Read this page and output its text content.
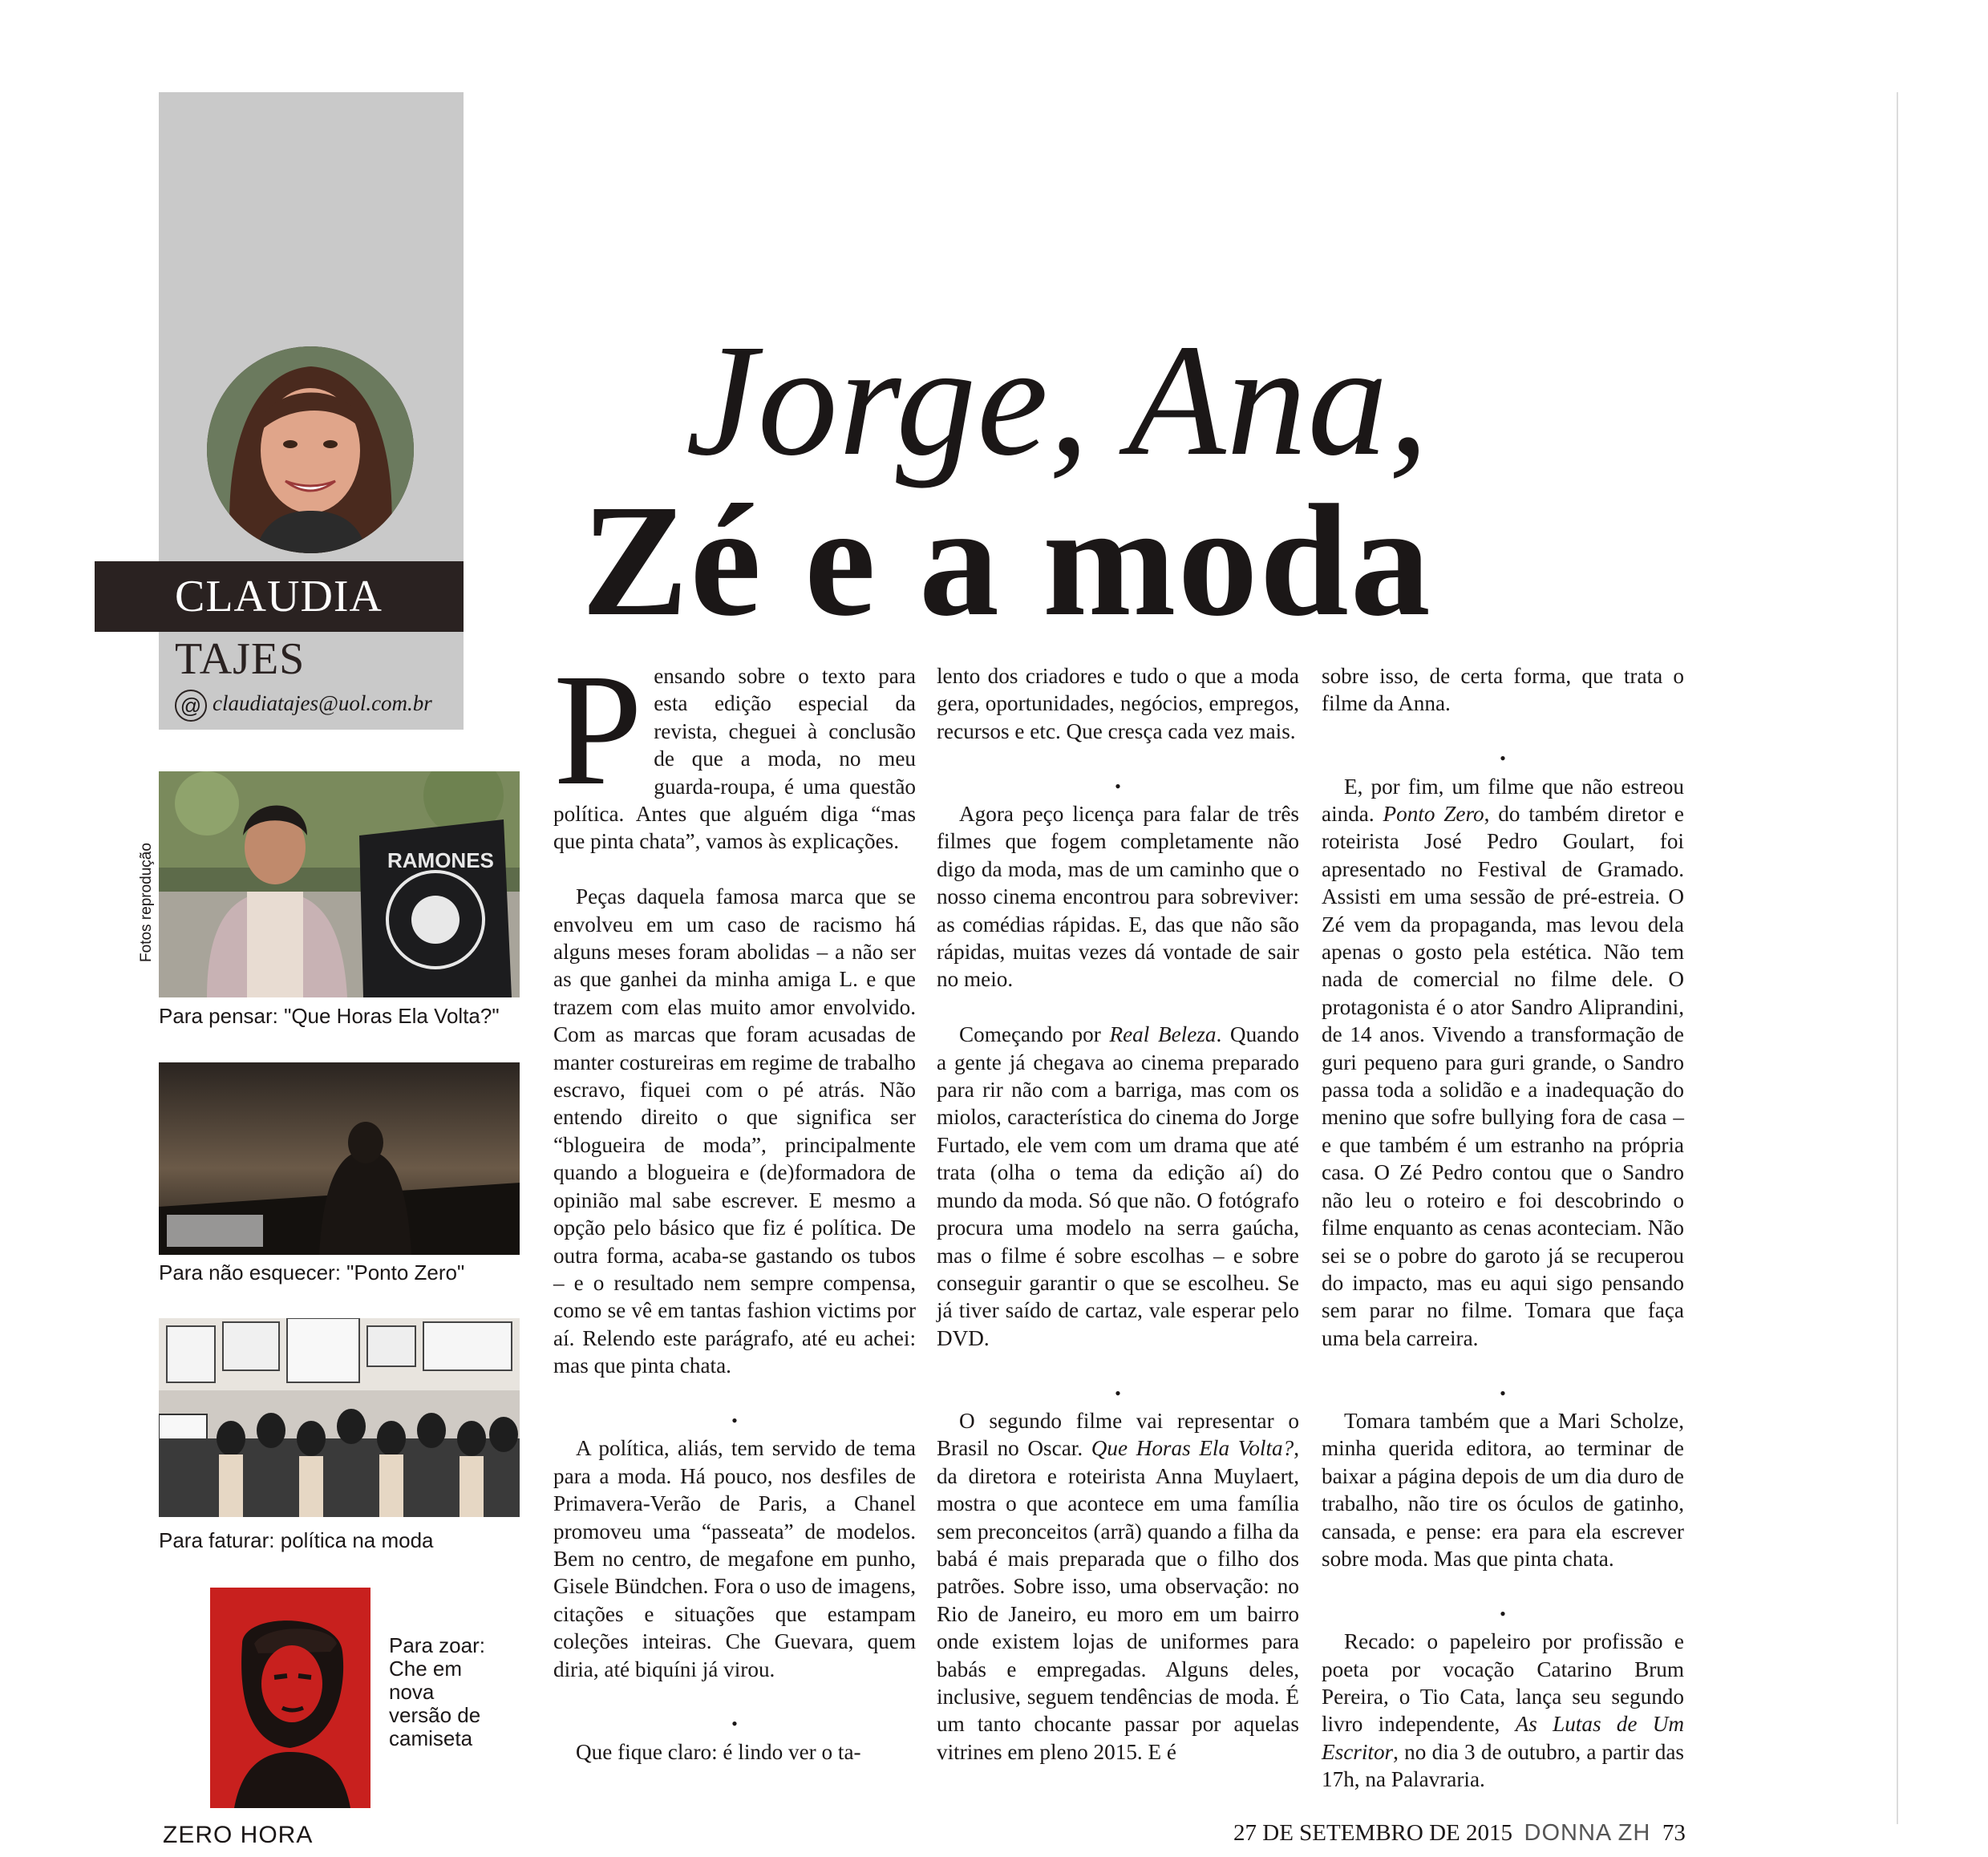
CLAUDIA
TAJES
@ claudiatajes@uol.com.br
Fotos reprodução	RAMONES
Para pensar: "Que Horas Ela Volta?"
Para não esquecer: "Ponto Zero"
Para faturar: política na moda
Para zoar:
Che em
nova
versão de
camiseta
Jorge, Ana,
Zé e a moda

Pensando sobre o texto para esta edição especial da revista, cheguei à conclusão de que a moda, no meu guarda-roupa, é uma questão política. Antes que alguém diga “mas que pinta chata”, vamos às explicações.

Peças daquela famosa marca que se envolveu em um caso de racismo há alguns meses foram abolidas – a não ser as que ganhei da minha amiga L. e que trazem com elas muito amor envolvido. Com as marcas que foram acusadas de manter costureiras em regime de trabalho escravo, fiquei com o pé atrás. Não entendo direito o que significa ser “blogueira de moda”, principalmente quando a blogueira e (de)formadora de opinião mal sabe escrever. E mesmo a opção pelo básico que fiz é política. De outra forma, acaba-se gastando os tubos – e o resultado nem sempre compensa, como se vê em tantas fashion victims por aí. Relendo este parágrafo, até eu achei: mas que pinta chata.

•

A política, aliás, tem servido de tema para a moda. Há pouco, nos desfiles de Primavera-Verão de Paris, a Chanel promoveu uma “passeata” de modelos. Bem no centro, de megafone em punho, Gisele Bündchen. Fora o uso de imagens, citações e situações que estampam coleções inteiras. Che Guevara, quem diria, até biquíni já virou.

•

Que fique claro: é lindo ver o ta-

lento dos criadores e tudo o que a moda gera, oportunidades, negócios, empregos, recursos e etc. Que cresça cada vez mais.

•

Agora peço licença para falar de três filmes que fogem completamente não digo da moda, mas de um caminho que o nosso cinema encontrou para sobreviver: as comédias rápidas. E, das que não são rápidas, muitas vezes dá vontade de sair no meio.

Começando por Real Beleza. Quando a gente já chegava ao cinema preparado para rir não com a barriga, mas com os miolos, característica do cinema do Jorge Furtado, ele vem com um drama que até trata (olha o tema da edição aí) do mundo da moda. Só que não. O fotógrafo procura uma modelo na serra gaúcha, mas o filme é sobre escolhas – e sobre conseguir garantir o que se escolheu. Se já tiver saído de cartaz, vale esperar pelo DVD.

•

O segundo filme vai representar o Brasil no Oscar. Que Horas Ela Volta?, da diretora e roteirista Anna Muylaert, mostra o que acontece em uma família sem preconceitos (arrã) quando a filha da babá é mais preparada que o filho dos patrões. Sobre isso, uma observação: no Rio de Janeiro, eu moro em um bairro onde existem lojas de uniformes para babás e empregadas. Alguns deles, inclusive, seguem tendências de moda. É um tanto chocante passar por aquelas vitrines em pleno 2015. E é

sobre isso, de certa forma, que trata o filme da Anna.

•

E, por fim, um filme que não estreou ainda. Ponto Zero, do também diretor e roteirista José Pedro Goulart, foi apresentado no Festival de Gramado. Assisti em uma sessão de pré-estreia. O Zé vem da propaganda, mas levou dela apenas o gosto pela estética. Não tem nada de comercial no filme dele. O protagonista é o ator Sandro Aliprandini, de 14 anos. Vivendo a transformação de guri pequeno para guri grande, o Sandro passa toda a solidão e a inadequação do menino que sofre bullying fora de casa – e que também é um estranho na própria casa. O Zé Pedro contou que o Sandro não leu o roteiro e foi descobrindo o filme enquanto as cenas aconteciam. Não sei se o pobre do garoto já se recuperou do impacto, mas eu aqui sigo pensando sem parar no filme. Tomara que faça uma bela carreira.

•

Tomara também que a Mari Scholze, minha querida editora, ao terminar de baixar a página depois de um dia duro de trabalho, não tire os óculos de gatinho, cansada, e pense: era para ela escrever sobre moda. Mas que pinta chata.

•

Recado: o papeleiro por profissão e poeta por vocação Catarino Brum Pereira, o Tio Cata, lança seu segundo livro independente, As Lutas de Um Escritor, no dia 3 de outubro, a partir das 17h, na Palavraria.

ZERO HORA	27 DE SETEMBRO DE 2015 DONNA ZH 73
